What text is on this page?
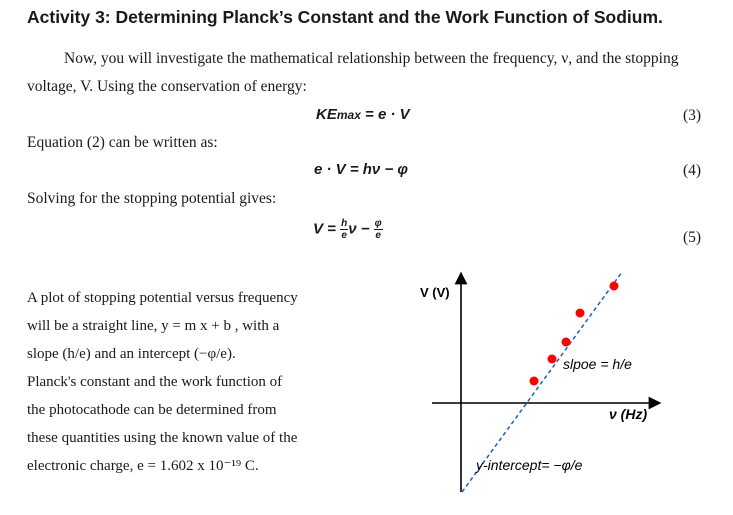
Activity 3: Determining Planck’s Constant and the Work Function of Sodium.
Now, you will investigate the mathematical relationship between the frequency, ν, and the stopping
voltage, V. Using the conservation of energy:
KEmax = e · V	(3)
Equation (2) can be written as:
e · V = hν − φ	(4)
Solving for the stopping potential gives:
$V = \frac{h}{e}$ $\nu - \frac{\varphi}{e}$	(5)
A plot of stopping potential versus frequency
will be a straight line, y = m x + b , with a
slope (h/e) and an intercept (−φ/e).
Planck's constant and the work function of
the photocathode can be determined from
these quantities using the known value of the
electronic charge, e = 1.602 x 10⁻¹⁹ C.
V (V)
ν (Hz)
slpoe = h/e
y-intercept= −φ/e
